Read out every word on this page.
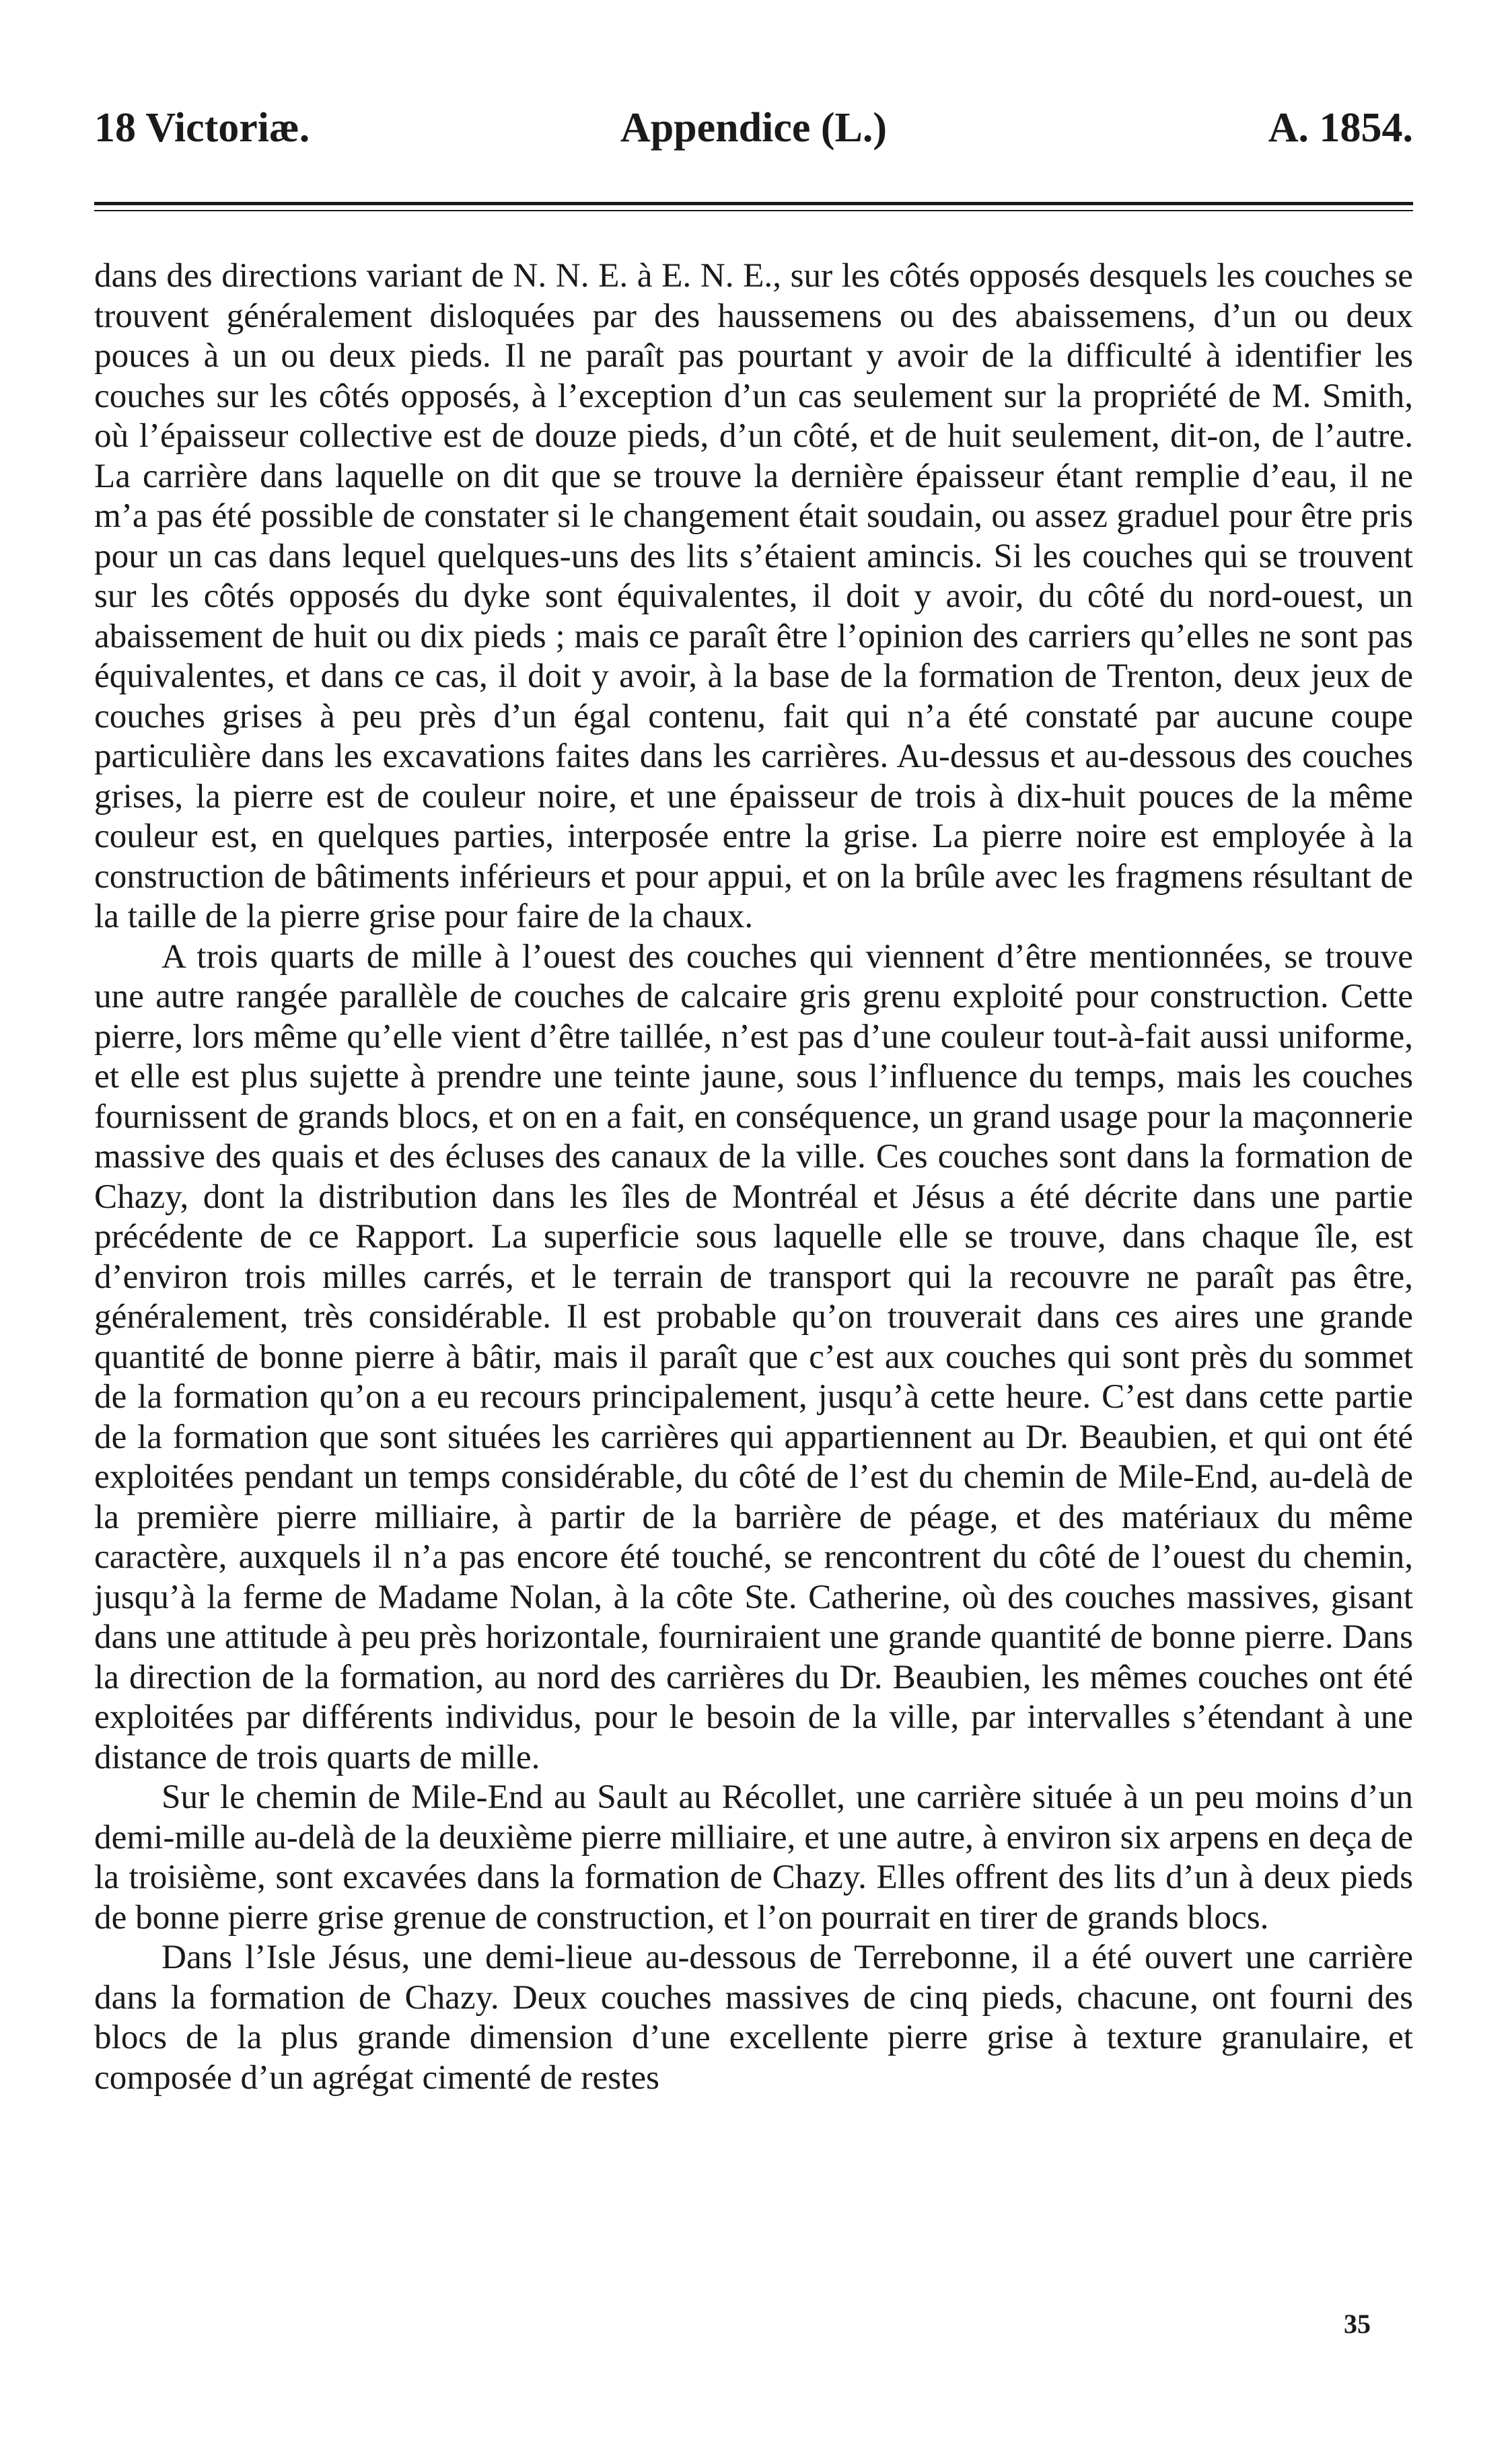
Appendice (L.)
18 Victoriæ.	A. 1854.

dans des directions variant de N. N. E. à E. N. E., sur les côtés opposés desquels les couches se trouvent généralement disloquées par des haussemens ou des abaissemens, d’un ou deux pouces à un ou deux pieds. Il ne paraît pas pourtant y avoir de la difficulté à identifier les couches sur les côtés opposés, à l’exception d’un cas seulement sur la propriété de M. Smith, où l’épaisseur collective est de douze pieds, d’un côté, et de huit seulement, dit-on, de l’autre. La carrière dans laquelle on dit que se trouve la dernière épaisseur étant remplie d’eau, il ne m’a pas été possible de constater si le changement était soudain, ou assez graduel pour être pris pour un cas dans lequel quelques-uns des lits s’étaient amincis. Si les couches qui se trouvent sur les côtés opposés du dyke sont équivalentes, il doit y avoir, du côté du nord-ouest, un abaissement de huit ou dix pieds ; mais ce paraît être l’opinion des carriers qu’elles ne sont pas équivalentes, et dans ce cas, il doit y avoir, à la base de la formation de Trenton, deux jeux de couches grises à peu près d’un égal contenu, fait qui n’a été constaté par aucune coupe particulière dans les excavations faites dans les carrières. Au-dessus et au-dessous des couches grises, la pierre est de couleur noire, et une épaisseur de trois à dix-huit pouces de la même couleur est, en quelques parties, interposée entre la grise. La pierre noire est employée à la construction de bâtiments inférieurs et pour appui, et on la brûle avec les fragmens résultant de la taille de la pierre grise pour faire de la chaux.

A trois quarts de mille à l’ouest des couches qui viennent d’être mentionnées, se trouve une autre rangée parallèle de couches de calcaire gris grenu exploité pour construction. Cette pierre, lors même qu’elle vient d’être taillée, n’est pas d’une couleur tout-à-fait aussi uniforme, et elle est plus sujette à prendre une teinte jaune, sous l’influence du temps, mais les couches fournissent de grands blocs, et on en a fait, en conséquence, un grand usage pour la maçonnerie massive des quais et des écluses des canaux de la ville. Ces couches sont dans la formation de Chazy, dont la distribution dans les îles de Montréal et Jésus a été décrite dans une partie précédente de ce Rapport. La superficie sous laquelle elle se trouve, dans chaque île, est d’environ trois milles carrés, et le terrain de transport qui la recouvre ne paraît pas être, généralement, très considérable. Il est probable qu’on trouverait dans ces aires une grande quantité de bonne pierre à bâtir, mais il paraît que c’est aux couches qui sont près du sommet de la formation qu’on a eu recours principalement, jusqu’à cette heure. C’est dans cette partie de la formation que sont situées les carrières qui appartiennent au Dr. Beaubien, et qui ont été exploitées pendant un temps considérable, du côté de l’est du chemin de Mile-End, au-delà de la première pierre milliaire, à partir de la barrière de péage, et des matériaux du même caractère, auxquels il n’a pas encore été touché, se rencontrent du côté de l’ouest du chemin, jusqu’à la ferme de Madame Nolan, à la côte Ste. Catherine, où des couches massives, gisant dans une attitude à peu près horizontale, fourniraient une grande quantité de bonne pierre. Dans la direction de la formation, au nord des carrières du Dr. Beaubien, les mêmes couches ont été exploitées par différents individus, pour le besoin de la ville, par intervalles s’étendant à une distance de trois quarts de mille.

Sur le chemin de Mile-End au Sault au Récollet, une carrière située à un peu moins d’un demi-mille au-delà de la deuxième pierre milliaire, et une autre, à environ six arpens en deça de la troisième, sont excavées dans la formation de Chazy. Elles offrent des lits d’un à deux pieds de bonne pierre grise grenue de construction, et l’on pourrait en tirer de grands blocs.

Dans l’Isle Jésus, une demi-lieue au-dessous de Terrebonne, il a été ouvert une carrière dans la formation de Chazy. Deux couches massives de cinq pieds, chacune, ont fourni des blocs de la plus grande dimension d’une excellente pierre grise à texture granulaire, et composée d’un agrégat cimenté de restes

35
